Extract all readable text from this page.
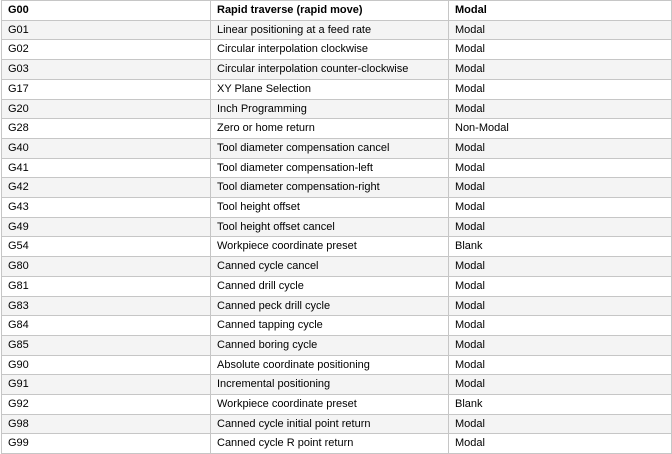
G00	Rapid traverse (rapid move)	Modal
G01	Linear positioning at a feed rate	Modal
G02	Circular interpolation clockwise	Modal
G03	Circular interpolation counter-clockwise	Modal
G17	XY Plane Selection	Modal
G20	Inch Programming	Modal
G28	Zero or home return	Non-Modal
G40	Tool diameter compensation cancel	Modal
G41	Tool diameter compensation-left	Modal
G42	Tool diameter compensation-right	Modal
G43	Tool height offset	Modal
G49	Tool height offset cancel	Modal
G54	Workpiece coordinate preset	Blank
G80	Canned cycle cancel	Modal
G81	Canned drill cycle	Modal
G83	Canned peck drill cycle	Modal
G84	Canned tapping cycle	Modal
G85	Canned boring cycle	Modal
G90	Absolute coordinate positioning	Modal
G91	Incremental positioning	Modal
G92	Workpiece coordinate preset	Blank
G98	Canned cycle initial point return	Modal
G99	Canned cycle R point return	Modal
